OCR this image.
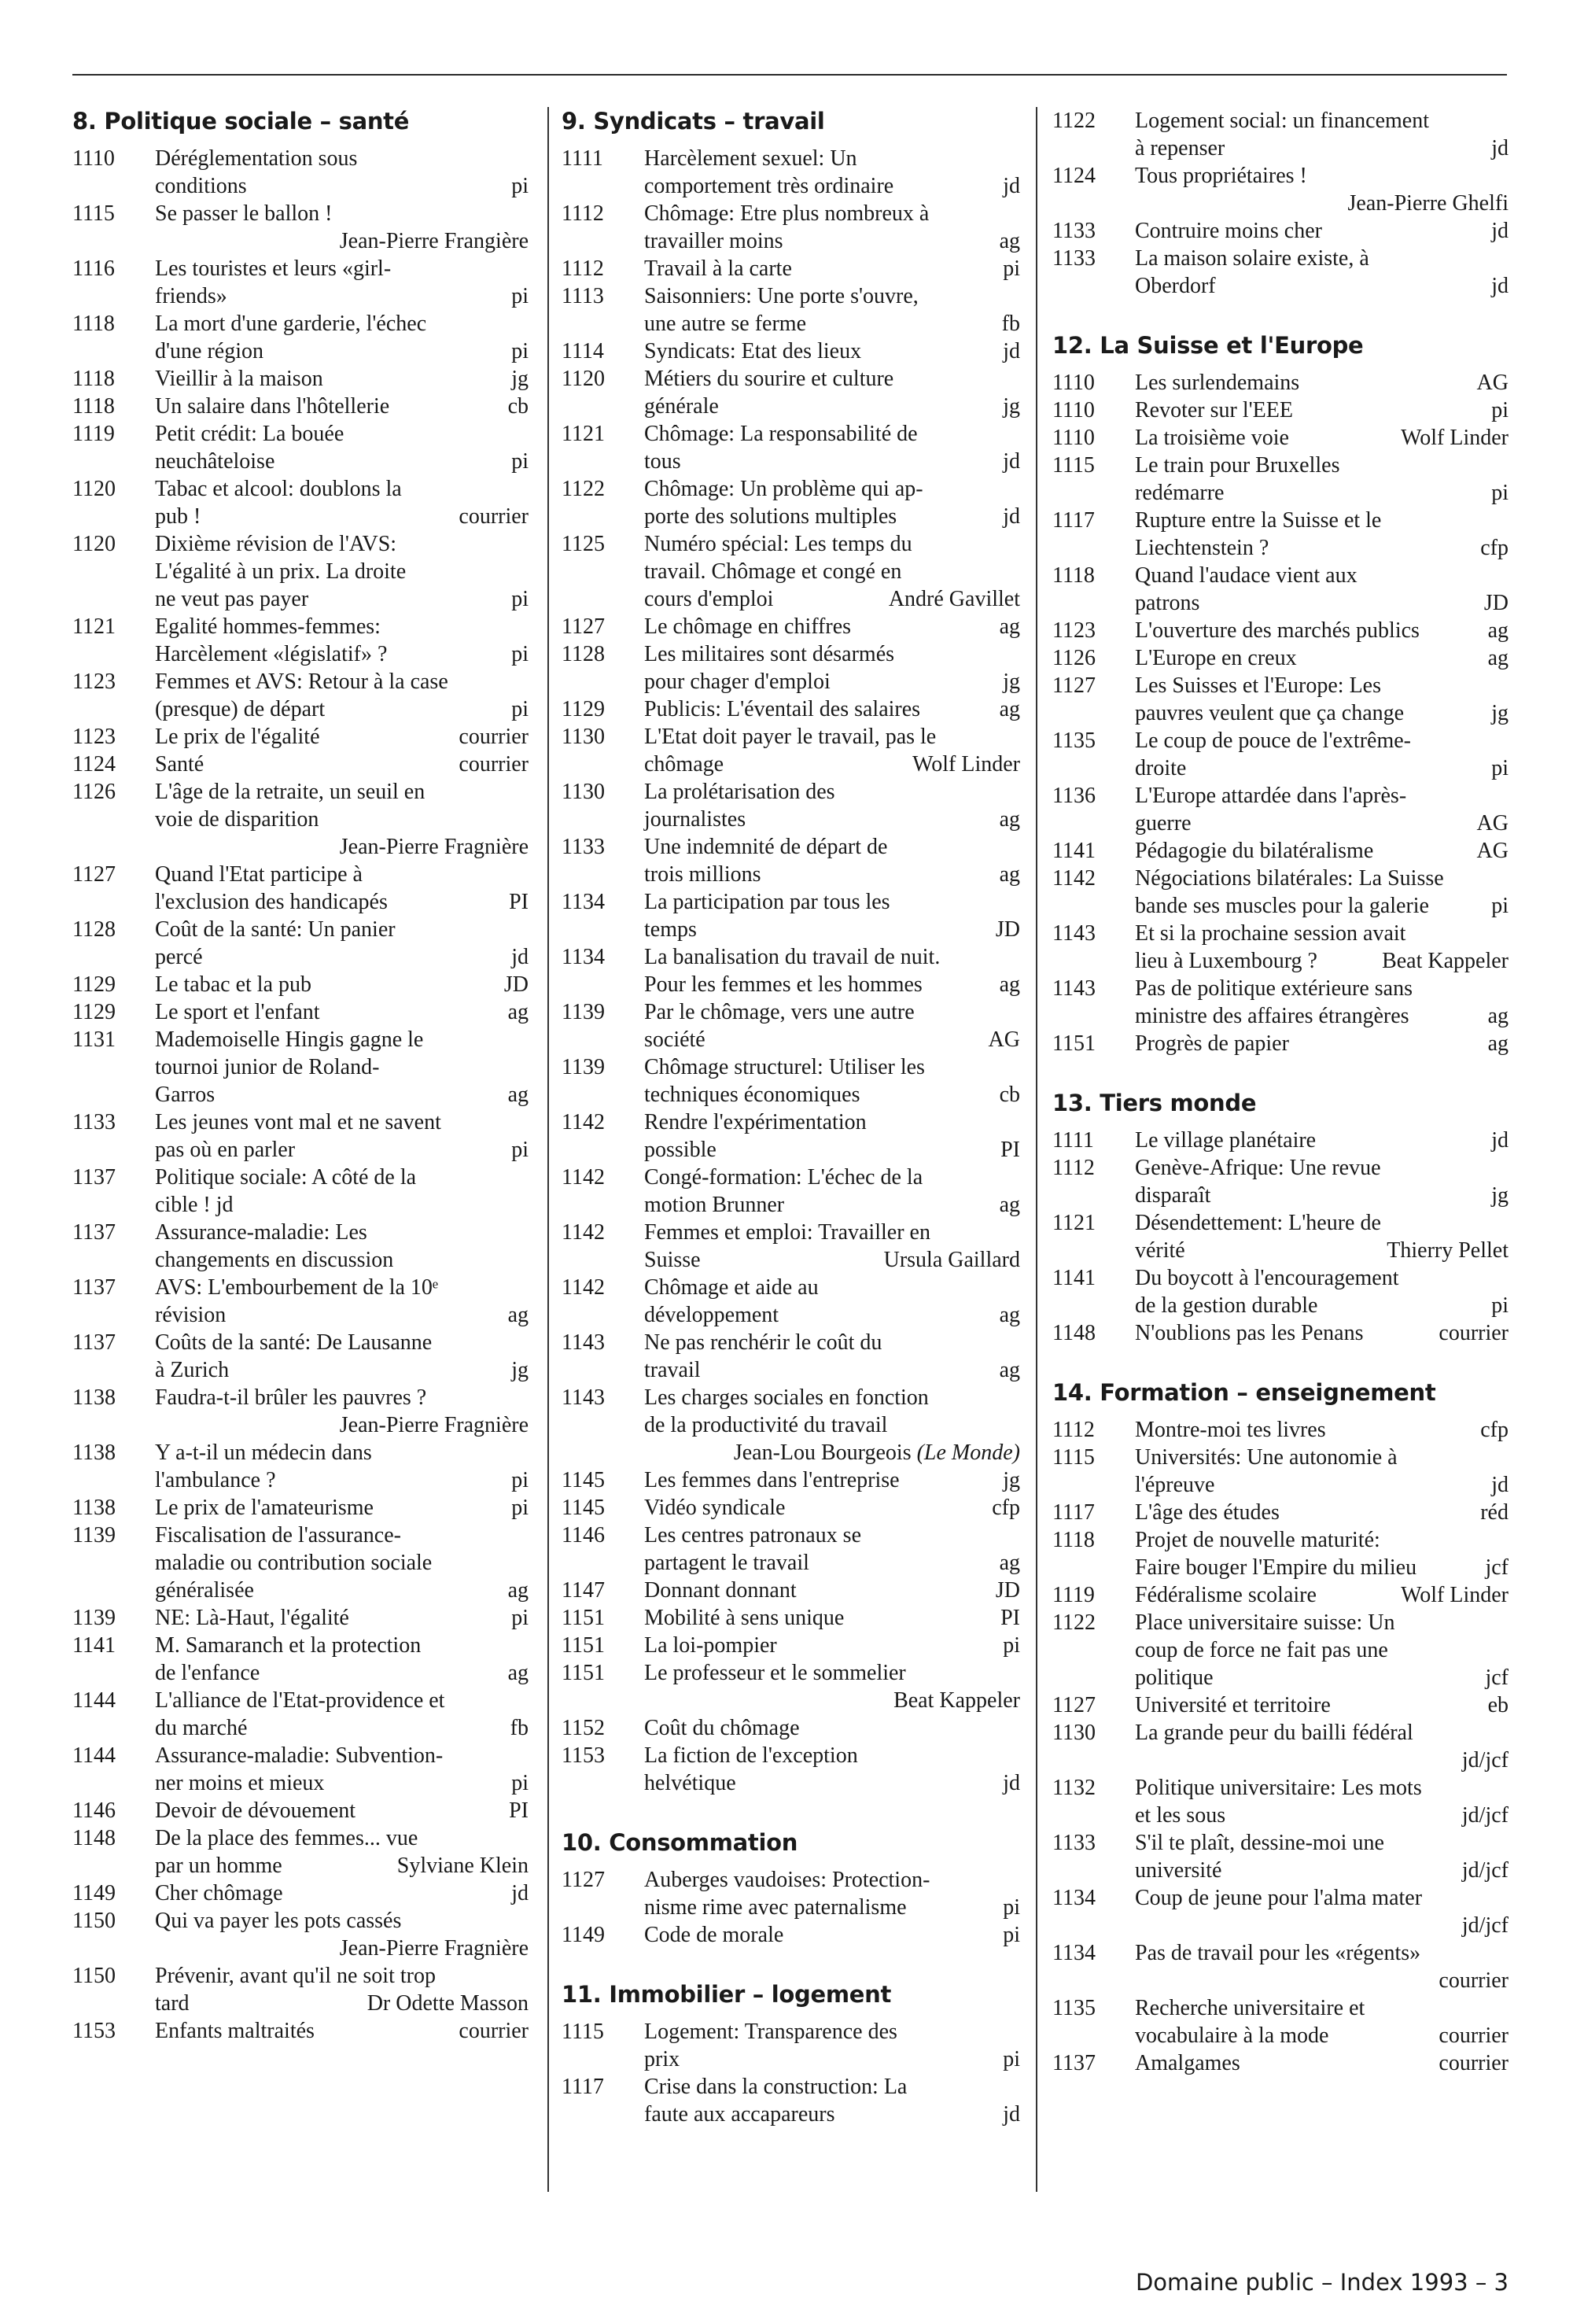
8. Politique sociale – santé
1110	Déréglementation sous
conditions	pi
1115	Se passer le ballon !
Jean-Pierre Frangière
1116	Les touristes et leurs «girl-
friends»	pi
1118	La mort d'une garderie, l'échec
d'une région	pi
1118	Vieillir à la maison	jg
1118	Un salaire dans l'hôtellerie	cb
1119	Petit crédit: La bouée
neuchâteloise	pi
1120	Tabac et alcool: doublons la
pub !	courrier
1120	Dixième révision de l'AVS:
L'égalité à un prix. La droite
ne veut pas payer	pi
1121	Egalité hommes-femmes:
Harcèlement «législatif» ?	pi
1123	Femmes et AVS: Retour à la case
(presque) de départ	pi
1123	Le prix de l'égalité	courrier
1124	Santé	courrier
1126	L'âge de la retraite, un seuil en
voie de disparition
Jean-Pierre Fragnière
1127	Quand l'Etat participe à
l'exclusion des handicapés	PI
1128	Coût de la santé: Un panier
percé	jd
1129	Le tabac et la pub	JD
1129	Le sport et l'enfant	ag
1131	Mademoiselle Hingis gagne le
tournoi junior de Roland-
Garros	ag
1133	Les jeunes vont mal et ne savent
pas où en parler	pi
1137	Politique sociale: A côté de la
cible ! jd
1137	Assurance-maladie: Les
changements en discussion
1137	AVS: L'embourbement de la 10ᵉ
révision	ag
1137	Coûts de la santé: De Lausanne
à Zurich	jg
1138	Faudra-t-il brûler les pauvres ?
Jean-Pierre Fragnière
1138	Y a-t-il un médecin dans
l'ambulance ?	pi
1138	Le prix de l'amateurisme	pi
1139	Fiscalisation de l'assurance-
maladie ou contribution sociale
généralisée	ag
1139	NE: Là-Haut, l'égalité	pi
1141	M. Samaranch et la protection
de l'enfance	ag
1144	L'alliance de l'Etat-providence et
du marché	fb
1144	Assurance-maladie: Subvention-
ner moins et mieux	pi
1146	Devoir de dévouement	PI
1148	De la place des femmes... vue
par un homme	Sylviane Klein
1149	Cher chômage	jd
1150	Qui va payer les pots cassés
Jean-Pierre Fragnière
1150	Prévenir, avant qu'il ne soit trop
tard	Dr Odette Masson
1153	Enfants maltraités	courrier
9. Syndicats – travail
1111	Harcèlement sexuel: Un
comportement très ordinaire	jd
1112	Chômage: Etre plus nombreux à
travailler moins	ag
1112	Travail à la carte	pi
1113	Saisonniers: Une porte s'ouvre,
une autre se ferme	fb
1114	Syndicats: Etat des lieux	jd
1120	Métiers du sourire et culture
générale	jg
1121	Chômage: La responsabilité de
tous	jd
1122	Chômage: Un problème qui ap-
porte des solutions multiples	jd
1125	Numéro spécial: Les temps du
travail. Chômage et congé en
cours d'emploi	André Gavillet
1127	Le chômage en chiffres	ag
1128	Les militaires sont désarmés
pour chager d'emploi	jg
1129	Publicis: L'éventail des salaires	ag
1130	L'Etat doit payer le travail, pas le
chômage	Wolf Linder
1130	La prolétarisation des
journalistes	ag
1133	Une indemnité de départ de
trois millions	ag
1134	La participation par tous les
temps	JD
1134	La banalisation du travail de nuit.
Pour les femmes et les hommes	ag
1139	Par le chômage, vers une autre
société	AG
1139	Chômage structurel: Utiliser les
techniques économiques	cb
1142	Rendre l'expérimentation
possible	PI
1142	Congé-formation: L'échec de la
motion Brunner	ag
1142	Femmes et emploi: Travailler en
Suisse	Ursula Gaillard
1142	Chômage et aide au
développement	ag
1143	Ne pas renchérir le coût du
travail	ag
1143	Les charges sociales en fonction
de la productivité du travail
Jean-Lou Bourgeois (Le Monde)
1145	Les femmes dans l'entreprise	jg
1145	Vidéo syndicale	cfp
1146	Les centres patronaux se
partagent le travail	ag
1147	Donnant donnant	JD
1151	Mobilité à sens unique	PI
1151	La loi-pompier	pi
1151	Le professeur et le sommelier
Beat Kappeler
1152	Coût du chômage
1153	La fiction de l'exception
helvétique	jd
10. Consommation
1127	Auberges vaudoises: Protection-
nisme rime avec paternalisme	pi
1149	Code de morale	pi
11. Immobilier – logement
1115	Logement: Transparence des
prix	pi
1117	Crise dans la construction: La
faute aux accapareurs	jd
1122	Logement social: un financement
à repenser	jd
1124	Tous propriétaires !
Jean-Pierre Ghelfi
1133	Contruire moins cher	jd
1133	La maison solaire existe, à
Oberdorf	jd
12. La Suisse et l'Europe
1110	Les surlendemains	AG
1110	Revoter sur l'EEE	pi
1110	La troisième voie	Wolf Linder
1115	Le train pour Bruxelles
redémarre	pi
1117	Rupture entre la Suisse et le
Liechtenstein ?	cfp
1118	Quand l'audace vient aux
patrons	JD
1123	L'ouverture des marchés publics	ag
1126	L'Europe en creux	ag
1127	Les Suisses et l'Europe: Les
pauvres veulent que ça change	jg
1135	Le coup de pouce de l'extrême-
droite	pi
1136	L'Europe attardée dans l'après-
guerre	AG
1141	Pédagogie du bilatéralisme	AG
1142	Négociations bilatérales: La Suisse
bande ses muscles pour la galerie	pi
1143	Et si la prochaine session avait
lieu à Luxembourg ?	Beat Kappeler
1143	Pas de politique extérieure sans
ministre des affaires étrangères	ag
1151	Progrès de papier	ag
13. Tiers monde
1111	Le village planétaire	jd
1112	Genève-Afrique: Une revue
disparaît	jg
1121	Désendettement: L'heure de
vérité	Thierry Pellet
1141	Du boycott à l'encouragement
de la gestion durable	pi
1148	N'oublions pas les Penans	courrier
14. Formation – enseignement
1112	Montre-moi tes livres	cfp
1115	Universités: Une autonomie à
l'épreuve	jd
1117	L'âge des études	réd
1118	Projet de nouvelle maturité:
Faire bouger l'Empire du milieu	jcf
1119	Fédéralisme scolaire	Wolf Linder
1122	Place universitaire suisse: Un
coup de force ne fait pas une
politique	jcf
1127	Université et territoire	eb
1130	La grande peur du bailli fédéral
jd/jcf
1132	Politique universitaire: Les mots
et les sous	jd/jcf
1133	S'il te plaît, dessine-moi une
université	jd/jcf
1134	Coup de jeune pour l'alma mater
jd/jcf
1134	Pas de travail pour les «régents»
courrier
1135	Recherche universitaire et
vocabulaire à la mode	courrier
1137	Amalgames	courrier
Domaine public – Index 1993 – 3
